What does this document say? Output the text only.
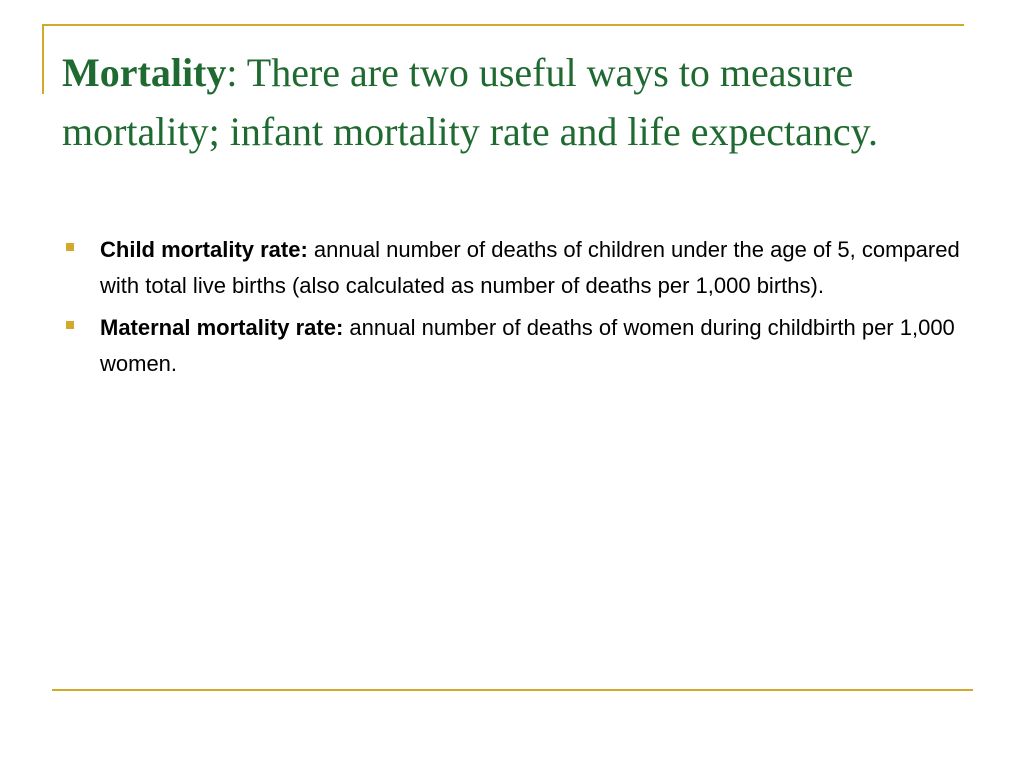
Mortality: There are two useful ways to measure mortality; infant mortality rate and life expectancy.
Child mortality rate: annual number of deaths of children under the age of 5, compared with total live births (also calculated as number of deaths per 1,000 births).
Maternal mortality rate: annual number of deaths of women during childbirth per 1,000 women.
